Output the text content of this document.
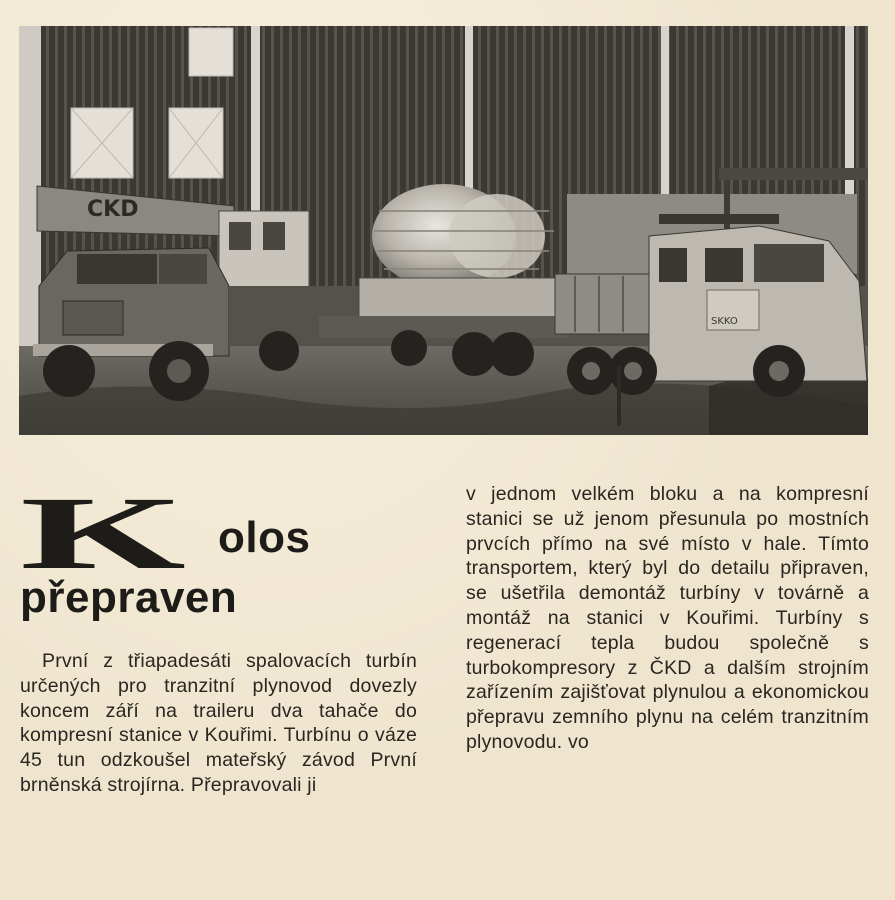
CKD
SKKO
K olos
přepraven

První z třiapadesáti spalovacích turbín určených pro tranzitní plynovod dovezly koncem září na traileru dva tahače do kompresní stanice v Kouřimi. Turbínu o váze 45 tun odzkoušel mateřský závod První brněnská strojírna. Přepravovali ji

v jednom velkém bloku a na kompresní stanici se už jenom přesunula po mostních prvcích přímo na své místo v hale. Tímto transportem, který byl do detailu připraven, se ušetřila demontáž turbíny v továrně a montáž na stanici v Kouřimi. Turbíny s regenerací tepla budou společně s turbokompresory z ČKD a dalším strojním zařízením zajišťovat plynulou a ekonomickou přepravu zemního plynu na celém tranzitním plynovodu. vo
